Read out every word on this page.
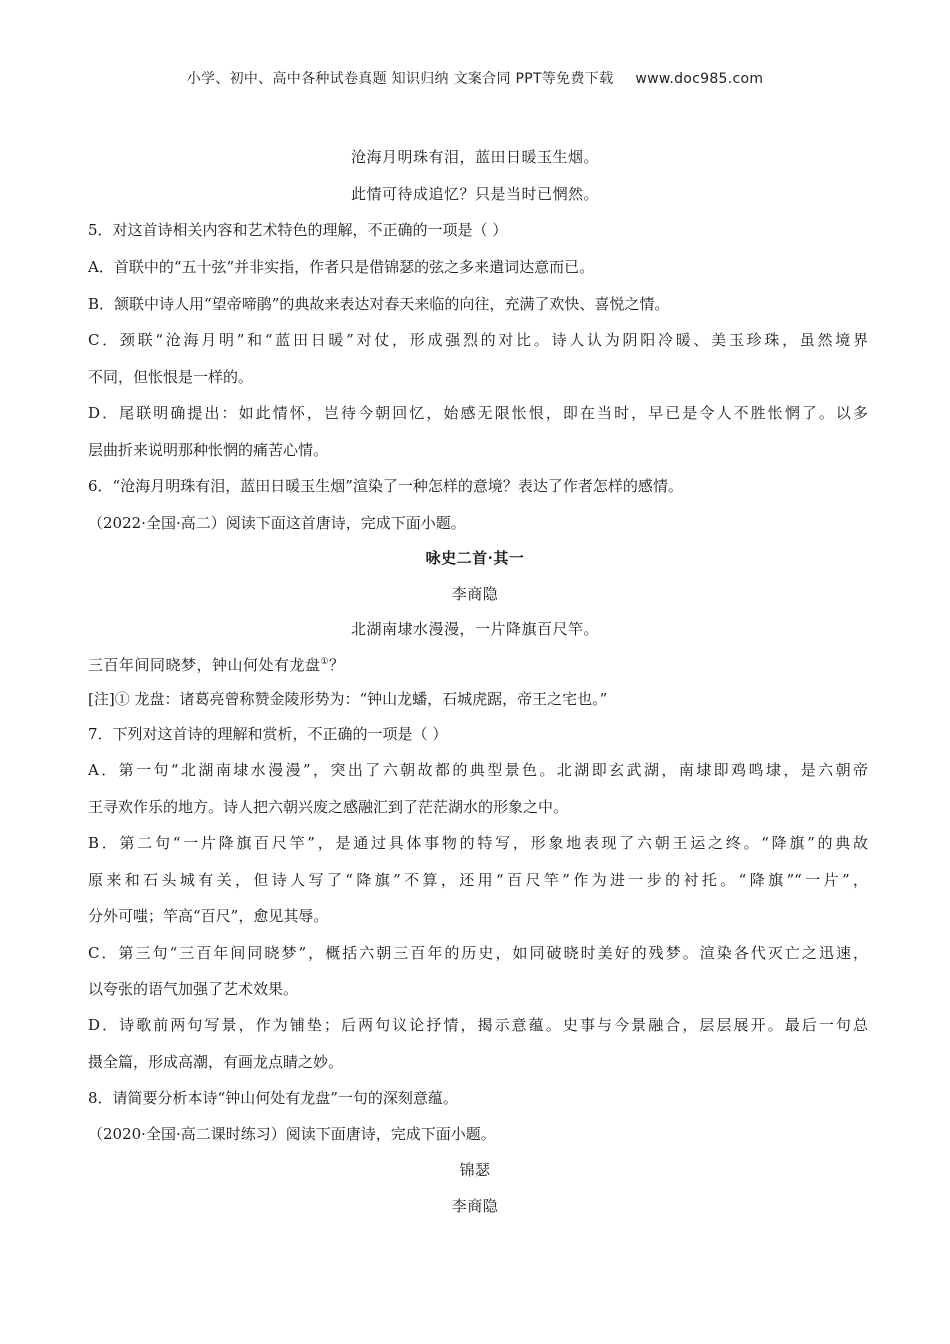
小学、初中、高中各种试卷真题 知识归纳 文案合同 PPT等免费下载 www.doc985.com
沧海月明珠有泪，蓝田日暖玉生烟。
此情可待成追忆？只是当时已惘然。
5．对这首诗相关内容和艺术特色的理解，不正确的一项是（ ）
A．首联中的“五十弦”并非实指，作者只是借锦瑟的弦之多来遣词达意而已。
B．颔联中诗人用“望帝啼鹃”的典故来表达对春天来临的向往，充满了欢快、喜悦之情。
C．颈联“沧海月明”和“蓝田日暖”对仗，形成强烈的对比。诗人认为阴阳冷暖、美玉珍珠，虽然境界
不同，但怅恨是一样的。
D．尾联明确提出：如此情怀，岂待今朝回忆，始感无限怅恨，即在当时，早已是令人不胜怅惘了。以多
层曲折来说明那种怅惘的痛苦心情。
6．“沧海月明珠有泪，蓝田日暖玉生烟”渲染了一种怎样的意境？表达了作者怎样的感情。
（2022·全国·高二）阅读下面这首唐诗，完成下面小题。
咏史二首·其一
李商隐
北湖南埭水漫漫，一片降旗百尺竿。
三百年间同晓梦，钟山何处有龙盘①？
[注]① 龙盘：诸葛亮曾称赞金陵形势为：“钟山龙蟠，石城虎踞，帝王之宅也。”
7．下列对这首诗的理解和赏析，不正确的一项是（ ）
A．第一句“北湖南埭水漫漫”，突出了六朝故都的典型景色。北湖即玄武湖，南埭即鸡鸣埭，是六朝帝
王寻欢作乐的地方。诗人把六朝兴废之感融汇到了茫茫湖水的形象之中。
B．第二句“一片降旗百尺竿”，是通过具体事物的特写，形象地表现了六朝王运之终。“降旗”的典故
原来和石头城有关，但诗人写了“降旗”不算，还用“百尺竿”作为进一步的衬托。“降旗”“一片”，
分外可嗤；竿高“百尺”，愈见其辱。
C．第三句“三百年间同晓梦”，概括六朝三百年的历史，如同破晓时美好的残梦。渲染各代灭亡之迅速，
以夸张的语气加强了艺术效果。
D．诗歌前两句写景，作为铺垫；后两句议论抒情，揭示意蕴。史事与今景融合，层层展开。最后一句总
摄全篇，形成高潮，有画龙点睛之妙。
8．请简要分析本诗“钟山何处有龙盘”一句的深刻意蕴。
（2020·全国·高二课时练习）阅读下面唐诗，完成下面小题。
锦瑟
李商隐
